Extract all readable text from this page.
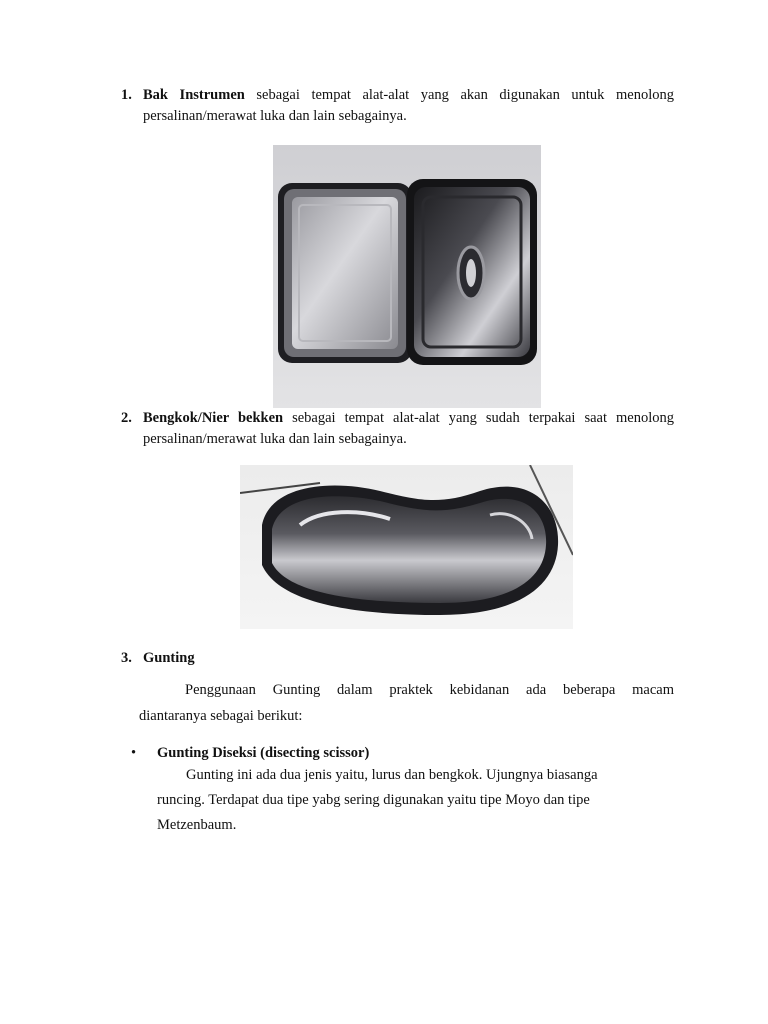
1. Bak Instrumen sebagai tempat alat-alat yang akan digunakan untuk menolong
persalinan/merawat luka dan lain sebagainya.
2. Bengkok/Nier bekken sebagai tempat alat-alat yang sudah terpakai saat menolong
persalinan/merawat luka dan lain sebagainya.
3. Gunting
Penggunaan Gunting dalam praktek kebidanan ada beberapa macam
diantaranya sebagai berikut:
• Gunting Diseksi (disecting scissor)
Gunting ini ada dua jenis yaitu, lurus dan bengkok. Ujungnya biasanga
runcing. Terdapat dua tipe yabg sering digunakan yaitu tipe Moyo dan tipe
Metzenbaum.
